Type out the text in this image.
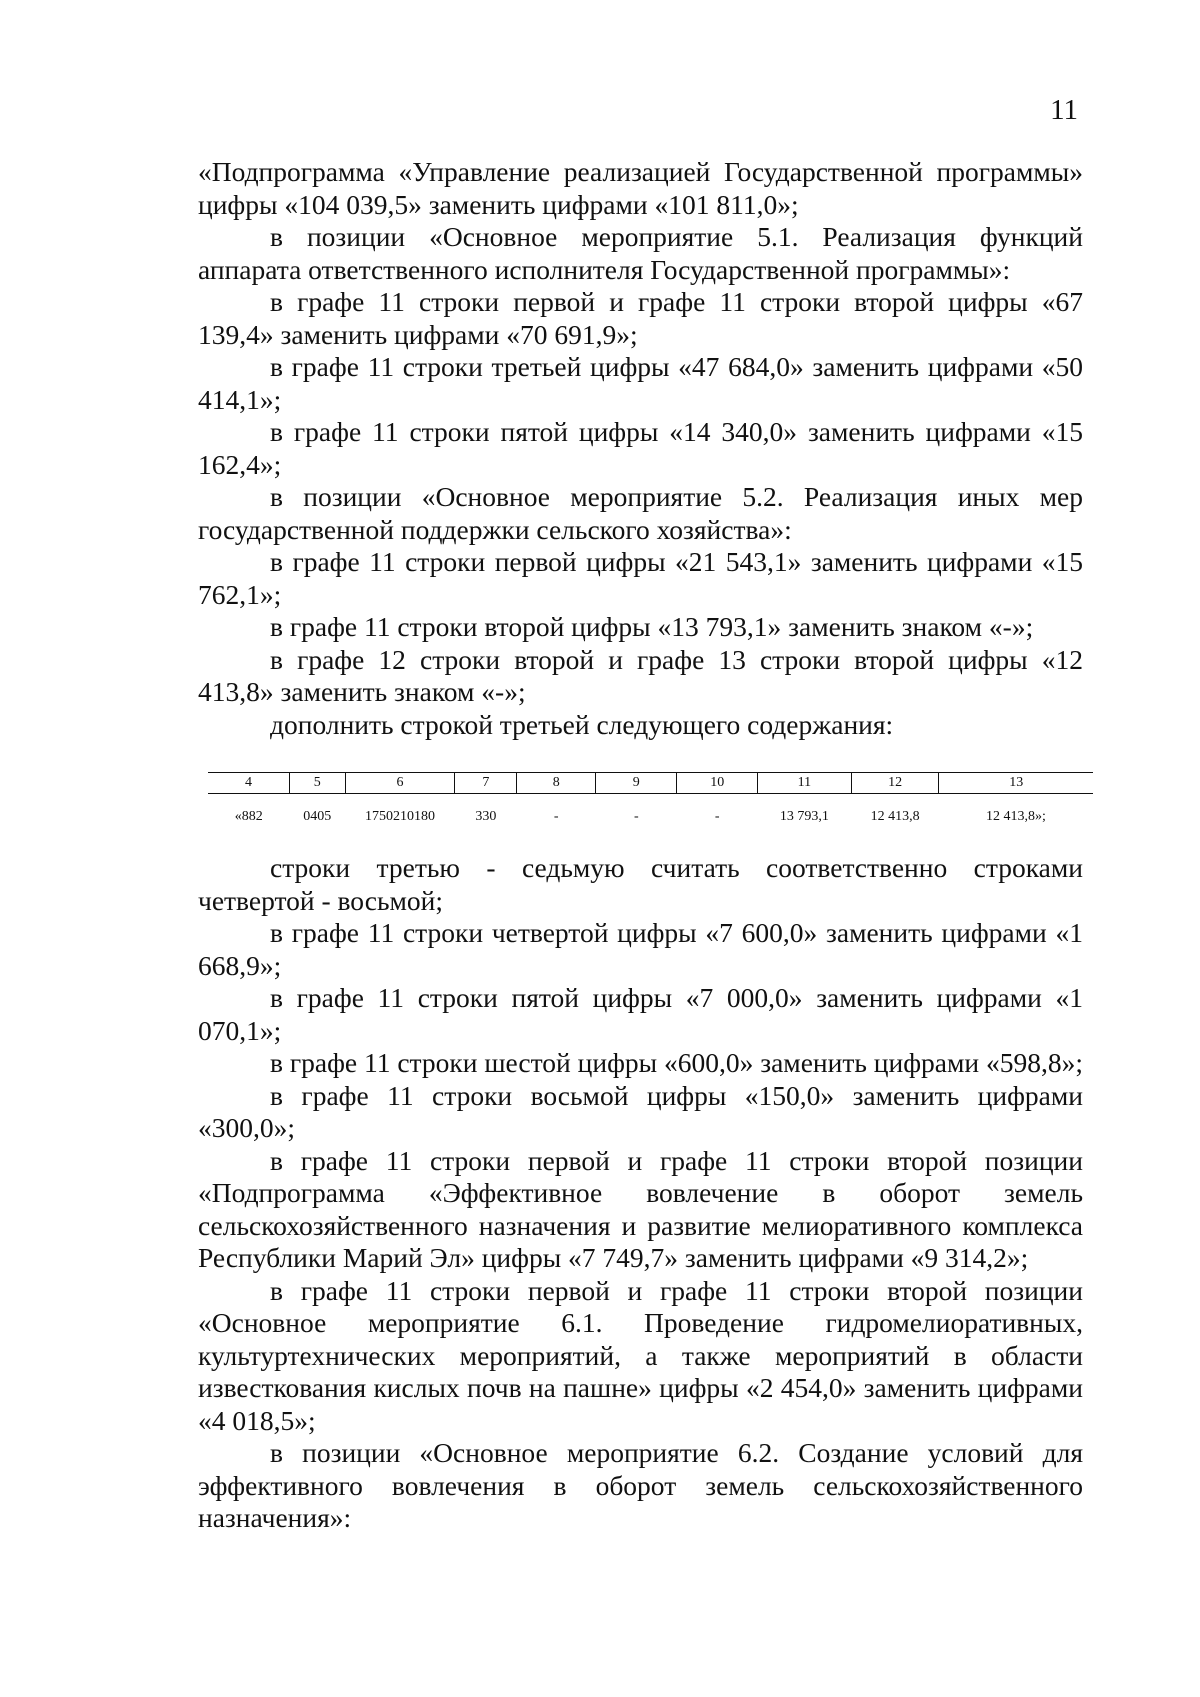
11

«Подпрограмма «Управление реализацией Государственной программы» цифры «104 039,5» заменить цифрами «101 811,0»;

в позиции «Основное мероприятие 5.1. Реализация функций аппарата ответственного исполнителя Государственной программы»:

в графе 11 строки первой и графе 11 строки второй цифры «67 139,4» заменить цифрами «70 691,9»;

в графе 11 строки третьей цифры «47 684,0» заменить цифрами «50 414,1»;

в графе 11 строки пятой цифры «14 340,0» заменить цифрами «15 162,4»;

в позиции «Основное мероприятие 5.2. Реализация иных мер государственной поддержки сельского хозяйства»:

в графе 11 строки первой цифры «21 543,1» заменить цифрами «15 762,1»;

в графе 11 строки второй цифры «13 793,1» заменить знаком «-»;

в графе 12 строки второй и графе 13 строки второй цифры «12 413,8» заменить знаком «-»;

дополнить строкой третьей следующего содержания:

4	5	6	7	8	9	10	11	12	13
«882	0405	1750210180	330	-	-	-	13 793,1	12 413,8	12 413,8»;

строки третью - седьмую считать соответственно строками четвертой - восьмой;

в графе 11 строки четвертой цифры «7 600,0» заменить цифрами «1 668,9»;

в графе 11 строки пятой цифры «7 000,0» заменить цифрами «1 070,1»;

в графе 11 строки шестой цифры «600,0» заменить цифрами «598,8»;

в графе 11 строки восьмой цифры «150,0» заменить цифрами «300,0»;

в графе 11 строки первой и графе 11 строки второй позиции «Подпрограмма «Эффективное вовлечение в оборот земель сельскохозяйственного назначения и развитие мелиоративного комплекса Республики Марий Эл» цифры «7 749,7» заменить цифрами «9 314,2»;

в графе 11 строки первой и графе 11 строки второй позиции «Основное мероприятие 6.1. Проведение гидромелиоративных, культуртехнических мероприятий, а также мероприятий в области известкования кислых почв на пашне» цифры «2 454,0» заменить цифрами «4 018,5»;

в позиции «Основное мероприятие 6.2. Создание условий для эффективного вовлечения в оборот земель сельскохозяйственного назначения»:
